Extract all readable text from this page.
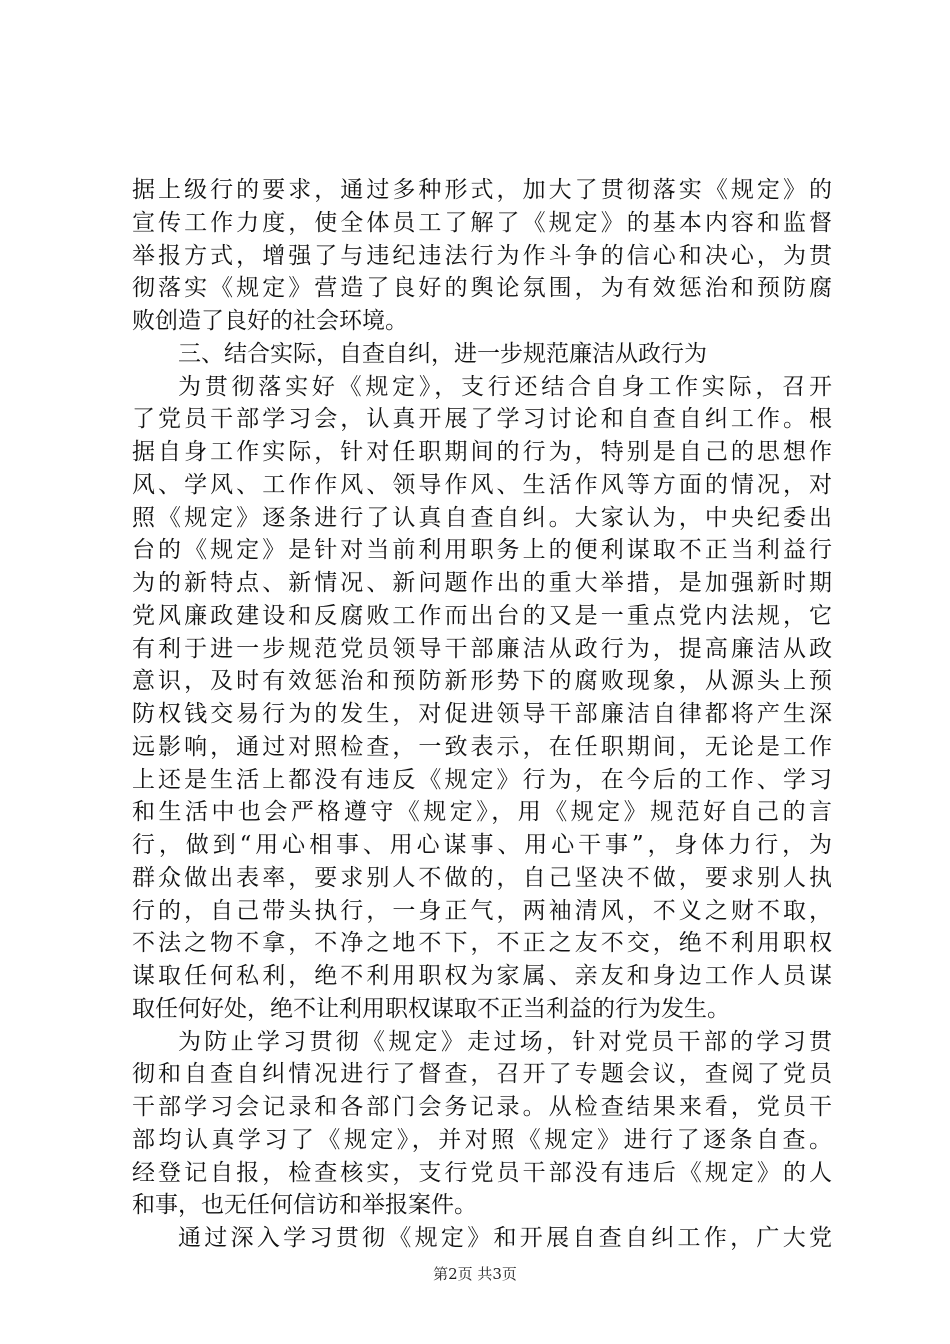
据上级行的要求，通过多种形式，加大了贯彻落实《规定》的
宣传工作力度，使全体员工了解了《规定》的基本内容和监督
举报方式，增强了与违纪违法行为作斗争的信心和决心，为贯
彻落实《规定》营造了良好的舆论氛围，为有效惩治和预防腐
败创造了良好的社会环境。
三、结合实际，自查自纠，进一步规范廉洁从政行为
为贯彻落实好《规定》，支行还结合自身工作实际，召开
了党员干部学习会，认真开展了学习讨论和自查自纠工作。根
据自身工作实际，针对任职期间的行为，特别是自己的思想作
风、学风、工作作风、领导作风、生活作风等方面的情况，对
照《规定》逐条进行了认真自查自纠。大家认为，中央纪委出
台的《规定》是针对当前利用职务上的便利谋取不正当利益行
为的新特点、新情况、新问题作出的重大举措，是加强新时期
党风廉政建设和反腐败工作而出台的又是一重点党内法规，它
有利于进一步规范党员领导干部廉洁从政行为，提高廉洁从政
意识，及时有效惩治和预防新形势下的腐败现象，从源头上预
防权钱交易行为的发生，对促进领导干部廉洁自律都将产生深
远影响，通过对照检查，一致表示，在任职期间，无论是工作
上还是生活上都没有违反《规定》行为，在今后的工作、学习
和生活中也会严格遵守《规定》，用《规定》规范好自己的言
行，做到“用心相事、用心谋事、用心干事”，身体力行，为
群众做出表率，要求别人不做的，自己坚决不做，要求别人执
行的，自己带头执行，一身正气，两袖清风，不义之财不取，
不法之物不拿，不净之地不下，不正之友不交，绝不利用职权
谋取任何私利，绝不利用职权为家属、亲友和身边工作人员谋
取任何好处，绝不让利用职权谋取不正当利益的行为发生。
为防止学习贯彻《规定》走过场，针对党员干部的学习贯
彻和自查自纠情况进行了督查，召开了专题会议，查阅了党员
干部学习会记录和各部门会务记录。从检查结果来看，党员干
部均认真学习了《规定》，并对照《规定》进行了逐条自查。
经登记自报，检查核实，支行党员干部没有违后《规定》的人
和事，也无任何信访和举报案件。
通过深入学习贯彻《规定》和开展自查自纠工作，广大党
第2页 共3页
